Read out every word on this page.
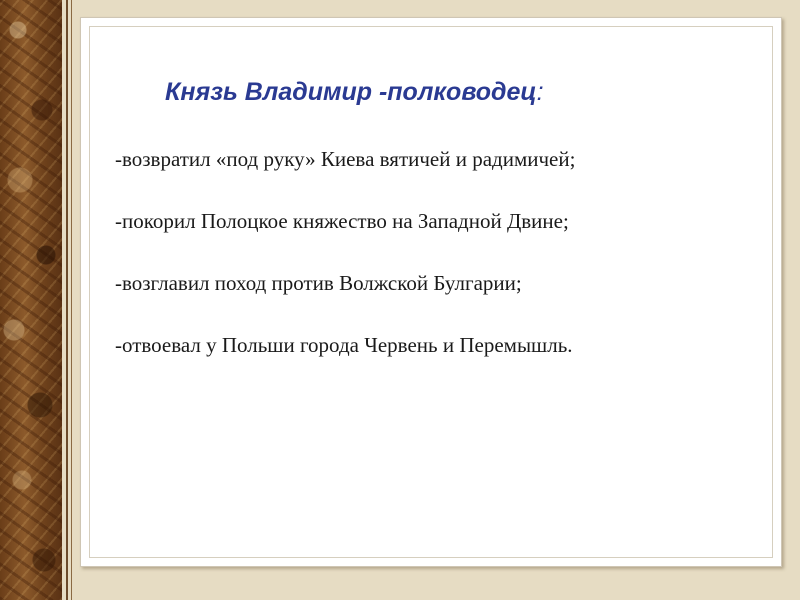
Князь Владимир -полководец:
-возвратил «под руку» Киева вятичей и радимичей;
-покорил Полоцкое княжество на Западной Двине;
-возглавил поход против Волжской Булгарии;
-отвоевал у Польши города Червень и Перемышль.
